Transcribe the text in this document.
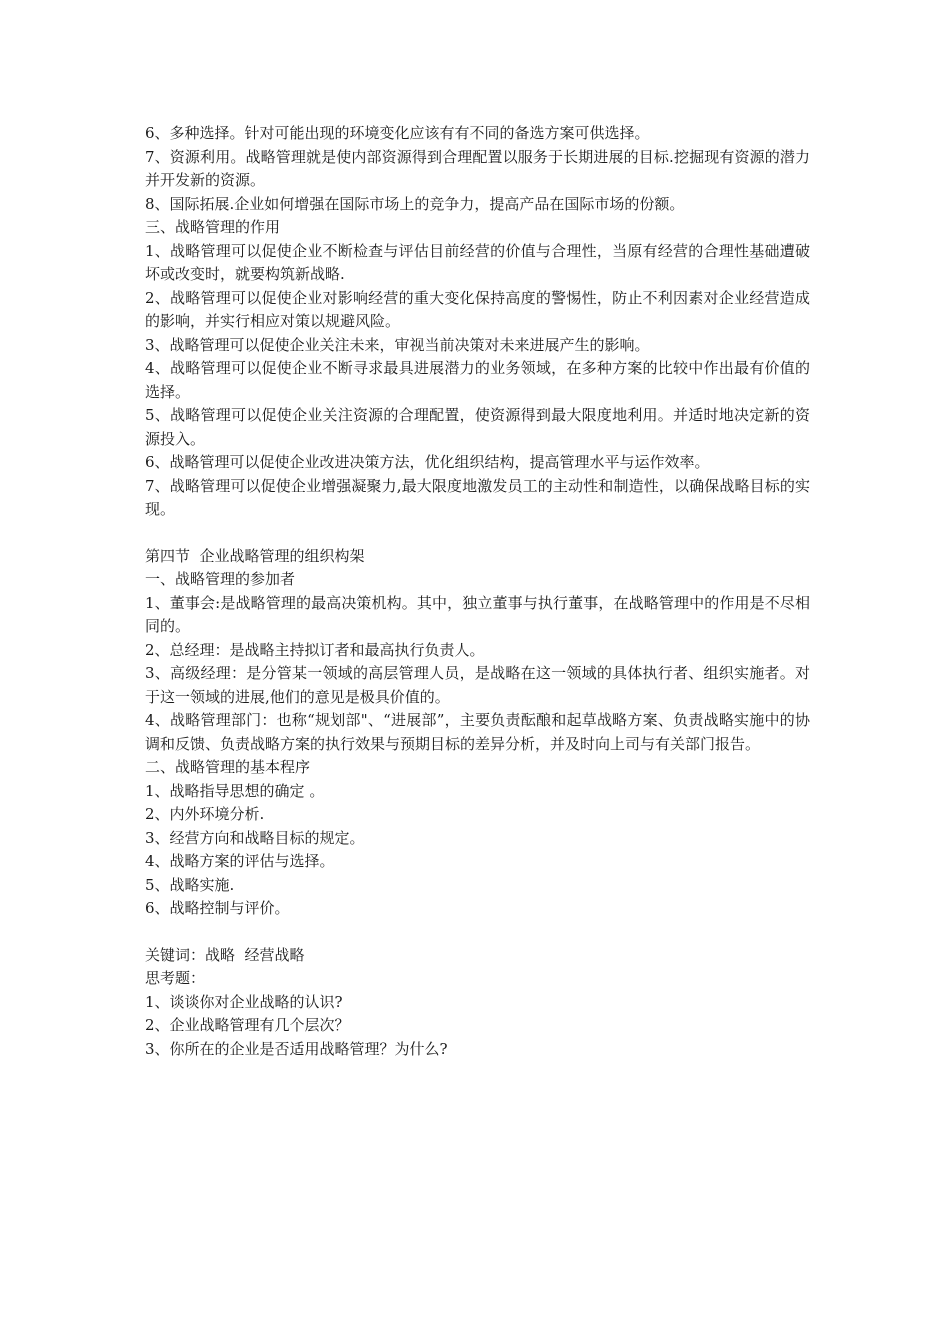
6、多种选择。针对可能出现的环境变化应该有有不同的备选方案可供选择。

7、资源利用。战略管理就是使内部资源得到合理配置以服务于长期进展的目标.挖掘现有资源的潜力并开发新的资源。

8、国际拓展.企业如何增强在国际市场上的竞争力，提高产品在国际市场的份额。

三、战略管理的作用

1、战略管理可以促使企业不断检查与评估目前经营的价值与合理性，当原有经营的合理性基础遭破坏或改变时，就要构筑新战略.

2、战略管理可以促使企业对影响经营的重大变化保持高度的警惕性，防止不利因素对企业经营造成的影响，并实行相应对策以规避风险。

3、战略管理可以促使企业关注未来，审视当前决策对未来进展产生的影响。

4、战略管理可以促使企业不断寻求最具进展潜力的业务领域，在多种方案的比较中作出最有价值的选择。

5、战略管理可以促使企业关注资源的合理配置，使资源得到最大限度地利用。并适时地决定新的资源投入。

6、战略管理可以促使企业改进决策方法，优化组织结构，提高管理水平与运作效率。

7、战略管理可以促使企业增强凝聚力,最大限度地激发员工的主动性和制造性，以确保战略目标的实现。

第四节  企业战略管理的组织构架

一、战略管理的参加者

1、董事会:是战略管理的最高决策机构。其中，独立董事与执行董事，在战略管理中的作用是不尽相同的。

2、总经理：是战略主持拟订者和最高执行负责人。

3、高级经理：是分管某一领域的高层管理人员，是战略在这一领域的具体执行者、组织实施者。对于这一领域的进展,他们的意见是极具价值的。

4、战略管理部门：也称“规划部"、“进展部”，主要负责酝酿和起草战略方案、负责战略实施中的协调和反馈、负责战略方案的执行效果与预期目标的差异分析，并及时向上司与有关部门报告。

二、战略管理的基本程序

1、战略指导思想的确定 。

2、内外环境分析.

3、经营方向和战略目标的规定。

4、战略方案的评估与选择。

5、战略实施.

6、战略控制与评价。

关键词：战略  经营战略

思考题：

1、谈谈你对企业战略的认识?

2、企业战略管理有几个层次？

3、你所在的企业是否适用战略管理？为什么?
